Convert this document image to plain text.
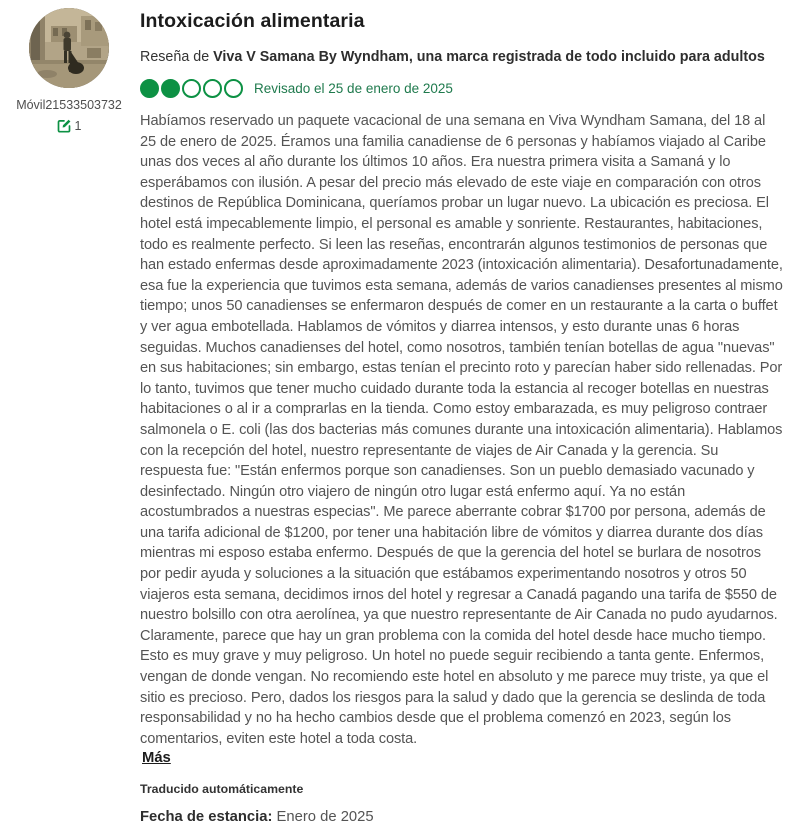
Móvil21533503732
1
Intoxicación alimentaria
Reseña de Viva V Samana By Wyndham, una marca registrada de todo incluido para adultos
Revisado el 25 de enero de 2025

Habíamos reservado un paquete vacacional de una semana en Viva Wyndham Samana, del 18 al 25 de enero de 2025. Éramos una familia canadiense de 6 personas y habíamos viajado al Caribe unas dos veces al año durante los últimos 10 años. Era nuestra primera visita a Samaná y lo esperábamos con ilusión. A pesar del precio más elevado de este viaje en comparación con otros destinos de República Dominicana, queríamos probar un lugar nuevo. La ubicación es preciosa. El hotel está impecablemente limpio, el personal es amable y sonriente. Restaurantes, habitaciones, todo es realmente perfecto. Si leen las reseñas, encontrarán algunos testimonios de personas que han estado enfermas desde aproximadamente 2023 (intoxicación alimentaria). Desafortunadamente, esa fue la experiencia que tuvimos esta semana, además de varios canadienses presentes al mismo tiempo; unos 50 canadienses se enfermaron después de comer en un restaurante a la carta o buffet y ver agua embotellada. Hablamos de vómitos y diarrea intensos, y esto durante unas 6 horas seguidas. Muchos canadienses del hotel, como nosotros, también tenían botellas de agua "nuevas" en sus habitaciones; sin embargo, estas tenían el precinto roto y parecían haber sido rellenadas. Por lo tanto, tuvimos que tener mucho cuidado durante toda la estancia al recoger botellas en nuestras habitaciones o al ir a comprarlas en la tienda. Como estoy embarazada, es muy peligroso contraer salmonela o E. coli (las dos bacterias más comunes durante una intoxicación alimentaria). Hablamos con la recepción del hotel, nuestro representante de viajes de Air Canada y la gerencia. Su respuesta fue: "Están enfermos porque son canadienses. Son un pueblo demasiado vacunado y desinfectado. Ningún otro viajero de ningún otro lugar está enfermo aquí. Ya no están acostumbrados a nuestras especias". Me parece aberrante cobrar $1700 por persona, además de una tarifa adicional de $1200, por tener una habitación libre de vómitos y diarrea durante dos días mientras mi esposo estaba enfermo. Después de que la gerencia del hotel se burlara de nosotros por pedir ayuda y soluciones a la situación que estábamos experimentando nosotros y otros 50 viajeros esta semana, decidimos irnos del hotel y regresar a Canadá pagando una tarifa de $550 de nuestro bolsillo con otra aerolínea, ya que nuestro representante de Air Canada no pudo ayudarnos. Claramente, parece que hay un gran problema con la comida del hotel desde hace mucho tiempo. Esto es muy grave y muy peligroso. Un hotel no puede seguir recibiendo a tanta gente. Enfermos, vengan de donde vengan. No recomiendo este hotel en absoluto y me parece muy triste, ya que el sitio es precioso. Pero, dados los riesgos para la salud y dado que la gerencia se deslinda de toda responsabilidad y no ha hecho cambios desde que el problema comenzó en 2023, según los comentarios, eviten este hotel a toda costa.

Más
Traducido automáticamente
Fecha de estancia: Enero de 2025
